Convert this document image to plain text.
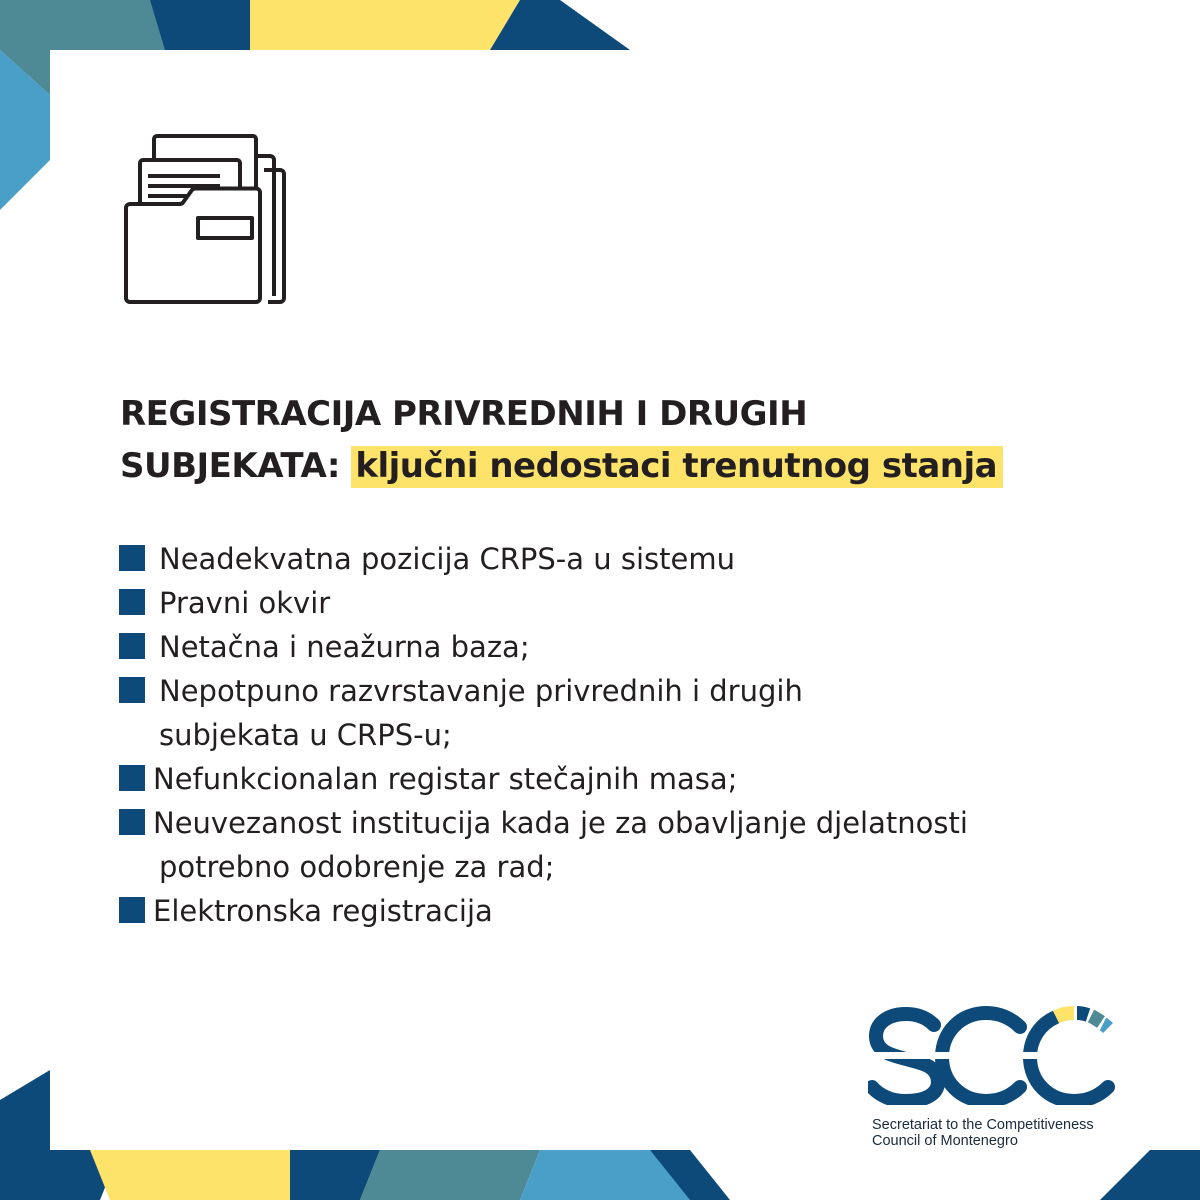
REGISTRACIJA PRIVREDNIH I DRUGIH
SUBJEKATA: ključni nedostaci trenutnog stanja
Neadekvatna pozicija CRPS-a u sistemu
Pravni okvir
Netačna i neažurna baza;
Nepotpuno razvrstavanje privrednih i drugih
subjekata u CRPS-u;
Nefunkcionalan registar stečajnih masa;
Neuvezanost institucija kada je za obavljanje djelatnosti
potrebno odobrenje za rad;
Elektronska registracija
Secretariat to the Competitiveness
Council of Montenegro
